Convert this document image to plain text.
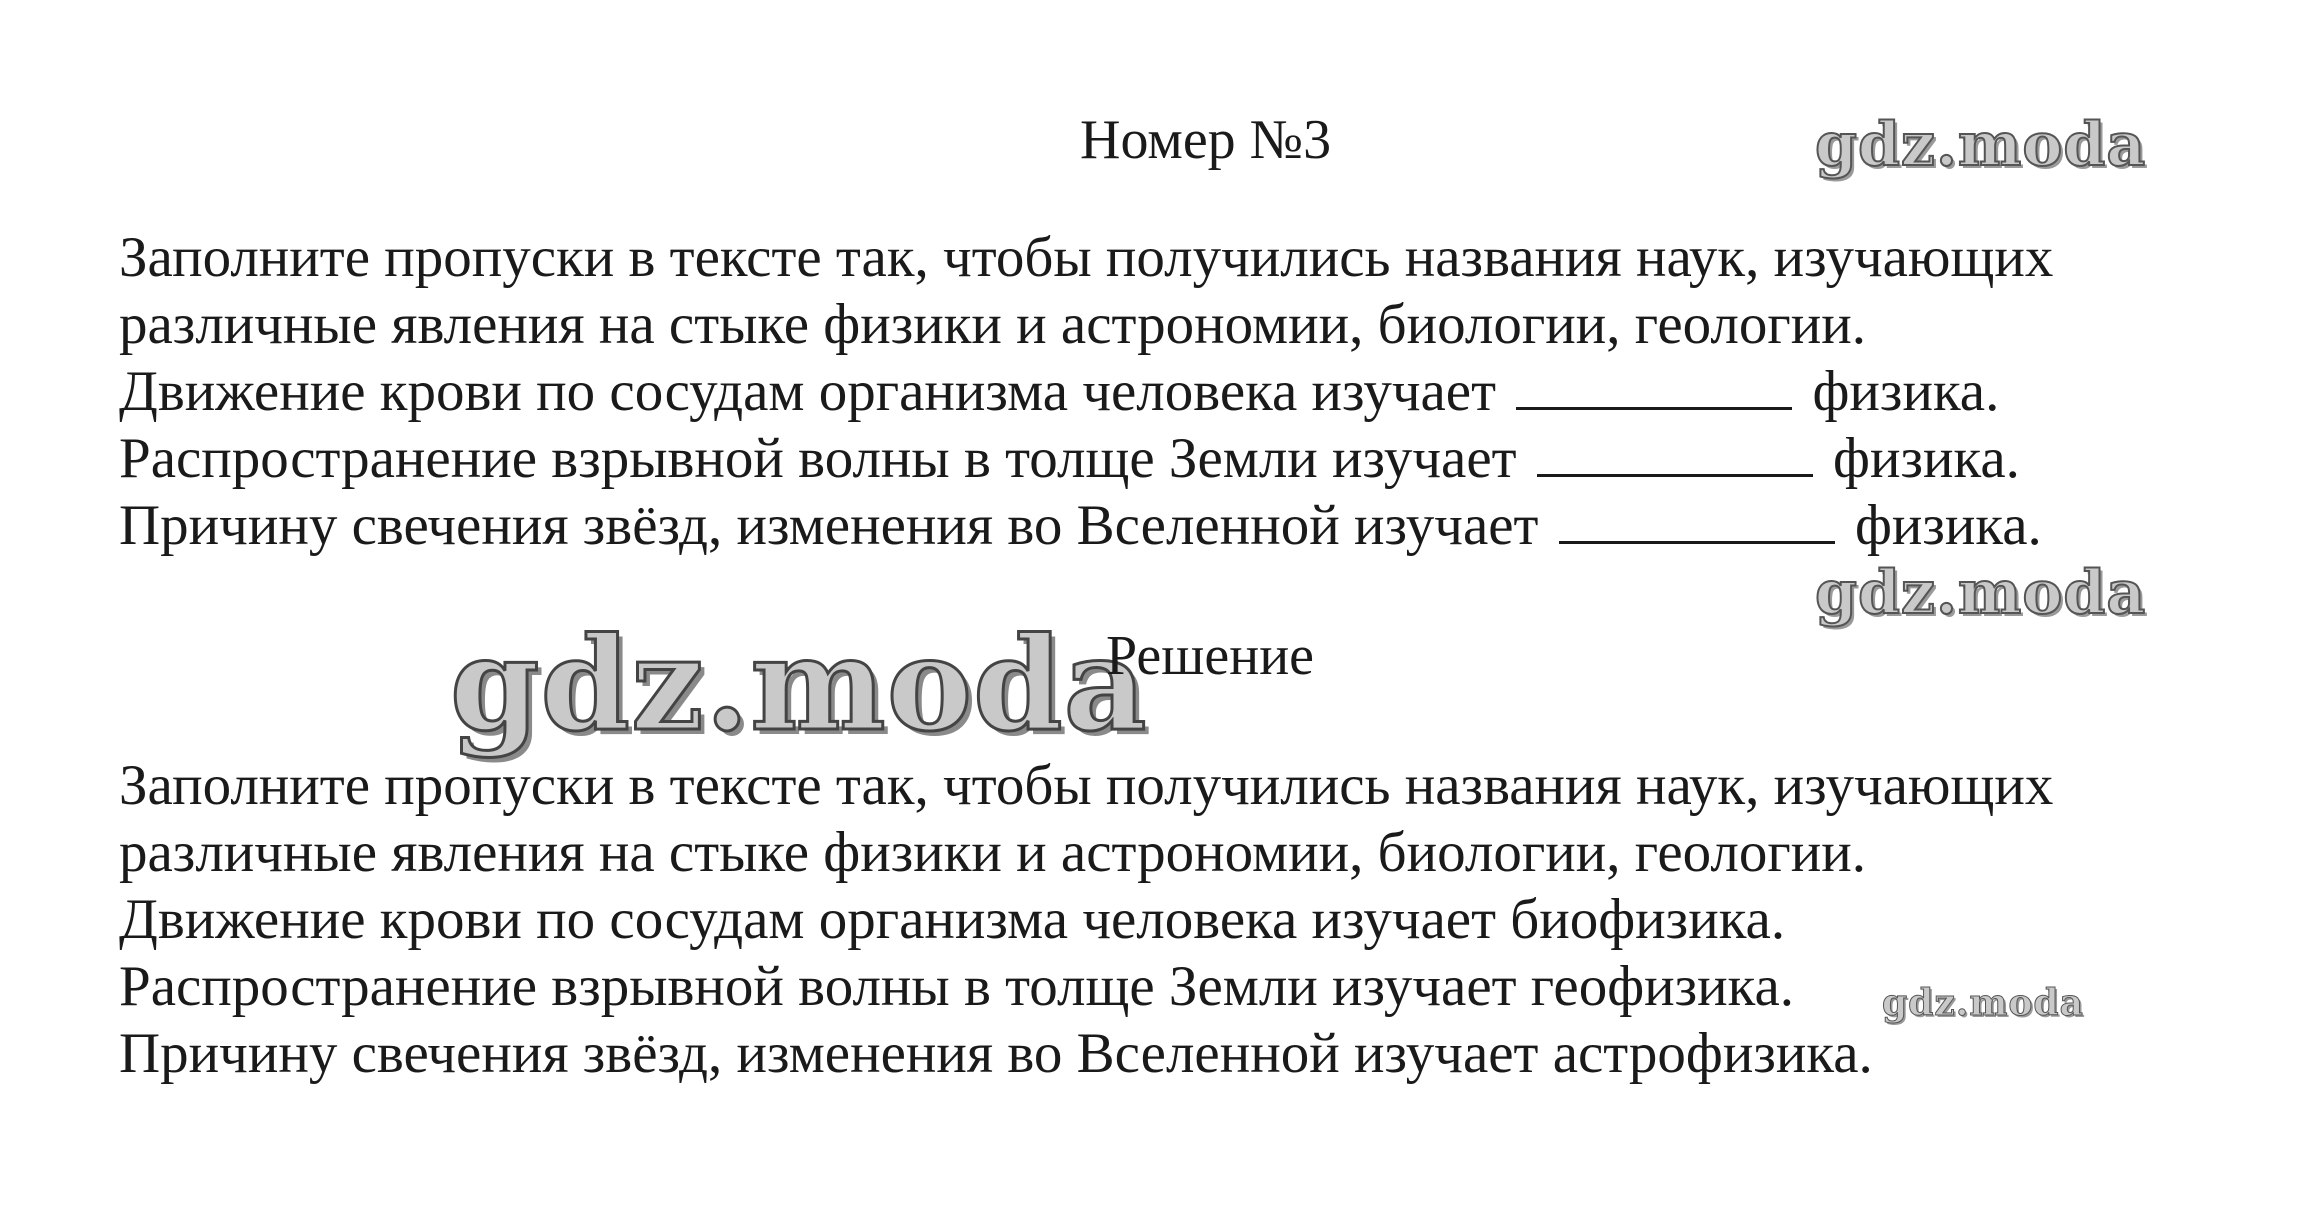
Номер №3	gdz.moda
Заполните пропуски в тексте так, чтобы получились названия наук, изучающих
различные явления на стыке физики и астрономии, биологии, геологии.
Движение крови по сосудам организма человека изучает	физика.
Распространение взрывной волны в толще Земли изучает	физика.
Причину свечения звёзд, изменения во Вселенной изучает	физика.
gdz.moda
gdz.moda
Решение
Заполните пропуски в тексте так, чтобы получились названия наук, изучающих
различные явления на стыке физики и астрономии, биологии, геологии.
Движение крови по сосудам организма человека изучает биофизика.
Распространение взрывной волны в толще Земли изучает геофизика.
Причину свечения звёзд, изменения во Вселенной изучает астрофизика.
gdz.moda
